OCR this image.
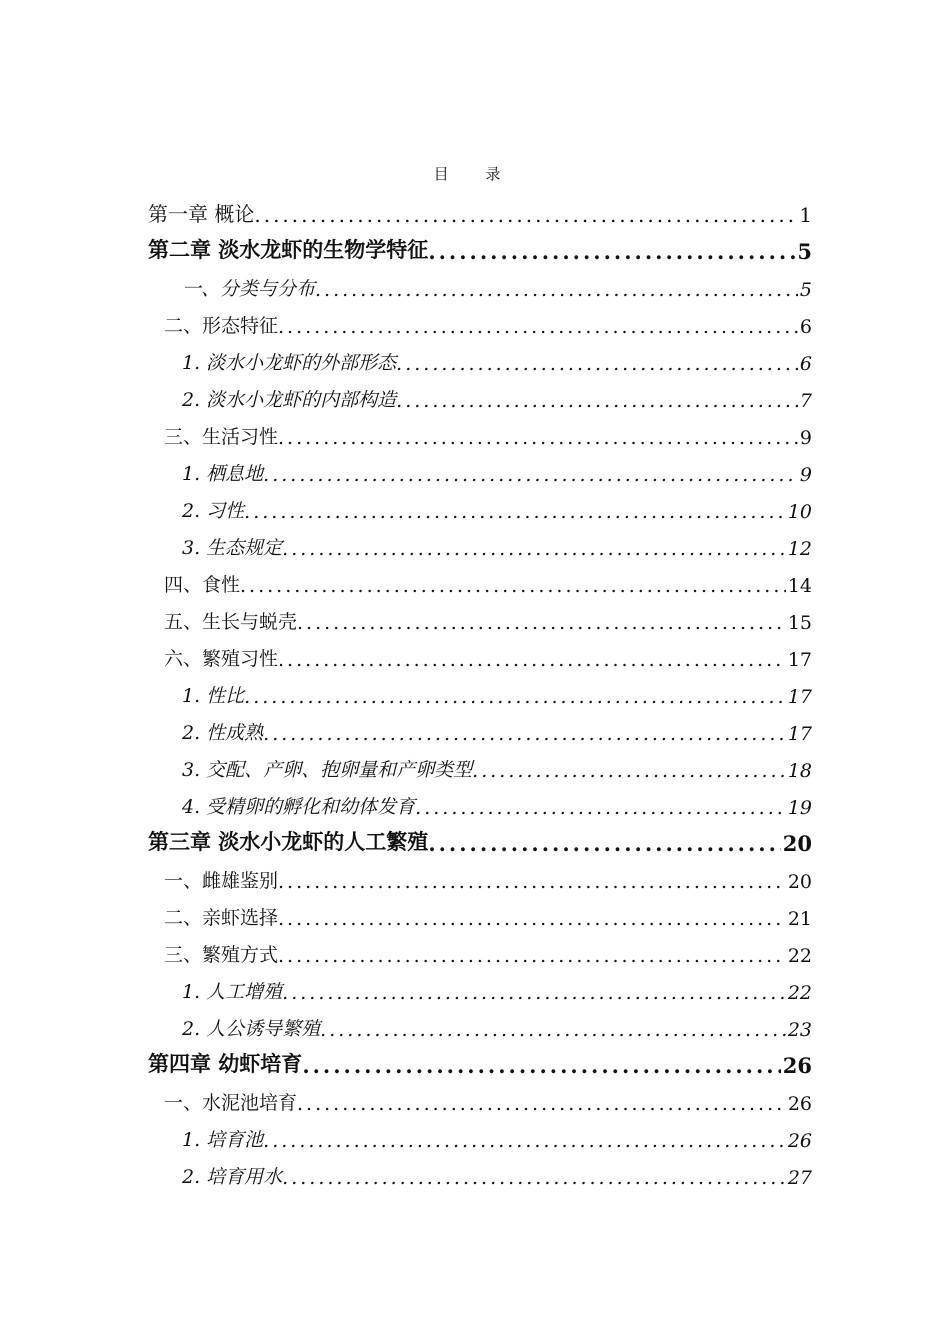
目 录
第一章 概论 .....	1
第二章 淡水龙虾的生物学特征 .....	5
一、分类与分布 .....	5
二、形态特征 .....	6
1. 淡水小龙虾的外部形态 .....	6
2. 淡水小龙虾的内部构造 .....	7
三、生活习性 .....	9
1. 栖息地 .....	9
2. 习性 .....	10
3. 生态规定 .....	12
四、食性 .....	14
五、生长与蜕壳 .....	15
六、繁殖习性 .....	17
1. 性比 .....	17
2. 性成熟 .....	17
3. 交配、产卵、抱卵量和产卵类型 .....	18
4. 受精卵的孵化和幼体发育 .....	19
第三章 淡水小龙虾的人工繁殖 .....	20
一、雌雄鉴别 .....	20
二、亲虾选择 .....	21
三、繁殖方式 .....	22
1. 人工增殖 .....	22
2. 人公诱导繁殖 .....	23
第四章 幼虾培育 .....	26
一、水泥池培育 .....	26
1. 培育池 .....	26
2. 培育用水 .....	27
